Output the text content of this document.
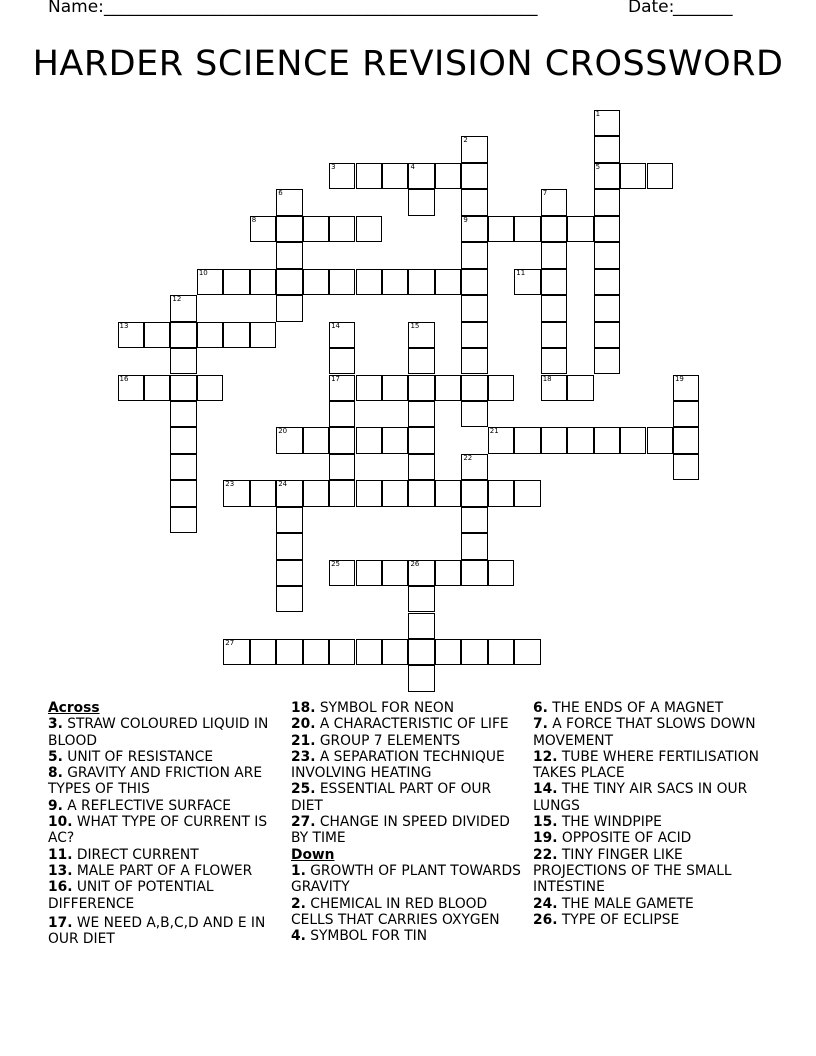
Name: ___________________________________________________	Date:
_______
HARDER SCIENCE REVISION CROSSWORD
1
5
2
9
3	4
6	7
18
8
10	11
12
13	14
17
15
16	19
20	21
22
23	24
25	26
27
Across
3. STRAW COLOURED LIQUID IN BLOOD
5. UNIT OF RESISTANCE
8. GRAVITY AND FRICTION ARE TYPES OF THIS
9. A REFLECTIVE SURFACE
10. WHAT TYPE OF CURRENT IS AC?
11. DIRECT CURRENT
13. MALE PART OF A FLOWER
16. UNIT OF POTENTIAL DIFFERENCE
17. WE NEED A,B,C,D AND E IN OUR DIET
18. SYMBOL FOR NEON
20. A CHARACTERISTIC OF LIFE
21. GROUP 7 ELEMENTS
23. A SEPARATION TECHNIQUE INVOLVING HEATING
25. ESSENTIAL PART OF OUR DIET
27. CHANGE IN SPEED DIVIDED BY TIME
Down
1. GROWTH OF PLANT TOWARDS GRAVITY
2. CHEMICAL IN RED BLOOD CELLS THAT CARRIES OXYGEN
4. SYMBOL FOR TIN
6. THE ENDS OF A MAGNET
7. A FORCE THAT SLOWS DOWN MOVEMENT
12. TUBE WHERE FERTILISATION TAKES PLACE
14. THE TINY AIR SACS IN OUR LUNGS
15. THE WINDPIPE
19. OPPOSITE OF ACID
22. TINY FINGER LIKE PROJECTIONS OF THE SMALL INTESTINE
24. THE MALE GAMETE
26. TYPE OF ECLIPSE
